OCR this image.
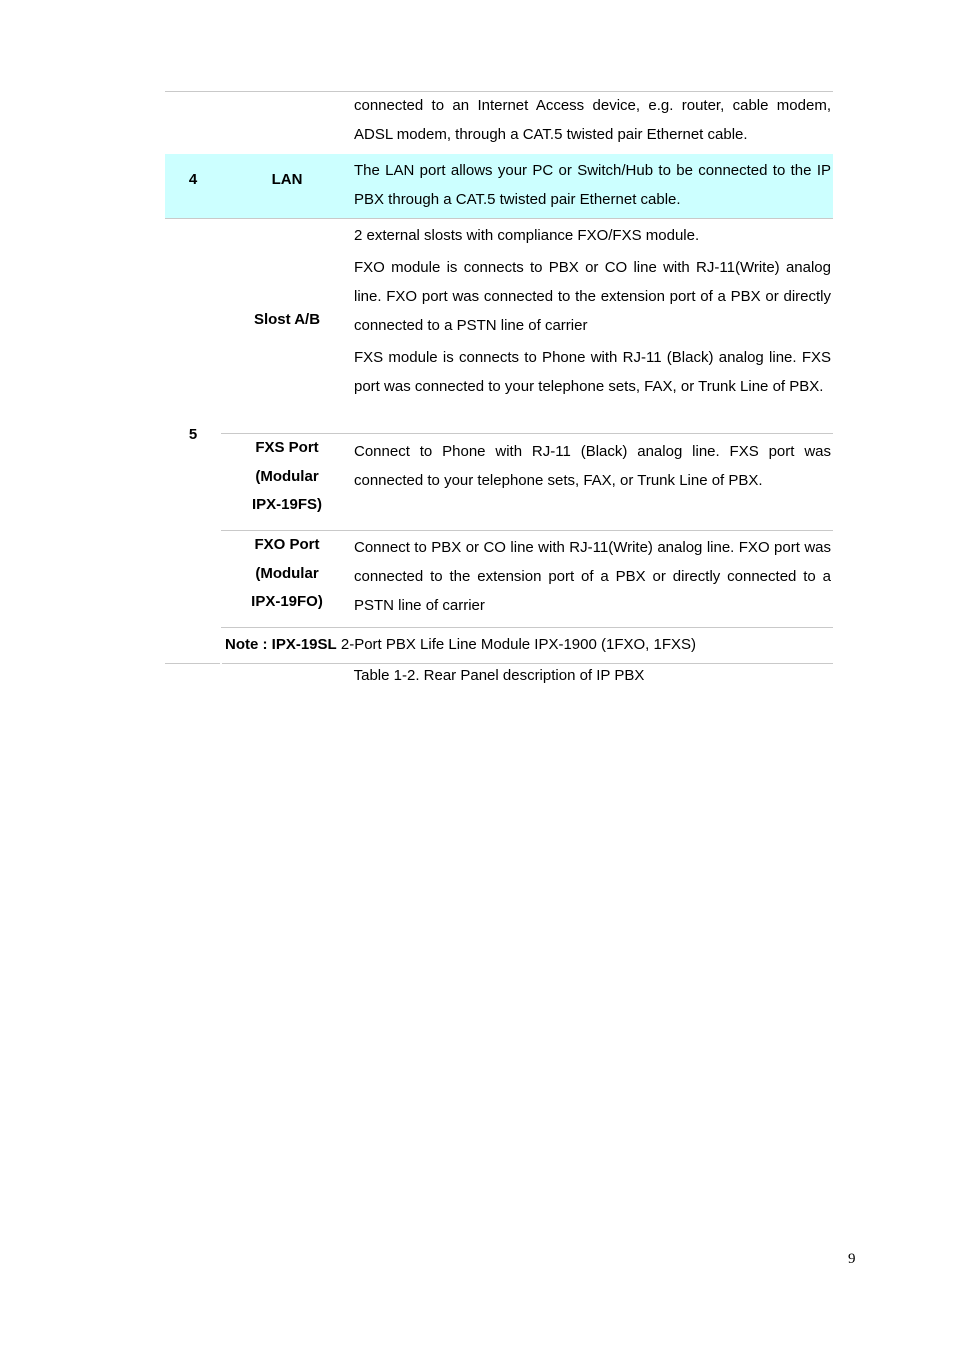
connected to an Internet Access device, e.g. router, cable modem, ADSL modem, through a CAT.5 twisted pair Ethernet cable.
4	LAN
The LAN port allows your PC or Switch/Hub to be connected to the IP PBX through a CAT.5 twisted pair Ethernet cable.
5
Slost A/B

2 external slosts with compliance FXO/FXS module.

FXO module is connects to PBX or CO line with RJ-11(Write) analog line. FXO port was connected to the extension port of a PBX or directly connected to a PSTN line of carrier

FXS module is connects to Phone with RJ-11 (Black) analog line. FXS port was connected to your telephone sets, FAX, or Trunk Line of PBX.

FXS Port
(Modular
IPX-19FS)
Connect to Phone with RJ-11 (Black) analog line. FXS port was connected to your telephone sets, FAX, or Trunk Line of PBX.
FXO Port
(Modular
IPX-19FO)
Connect to PBX or CO line with RJ-11(Write) analog line. FXO port was connected to the extension port of a PBX or directly connected to a PSTN line of carrier
Note : IPX-19SL 2-Port PBX Life Line Module IPX-1900 (1FXO, 1FXS)
Table 1-2. Rear Panel description of IP PBX
9
